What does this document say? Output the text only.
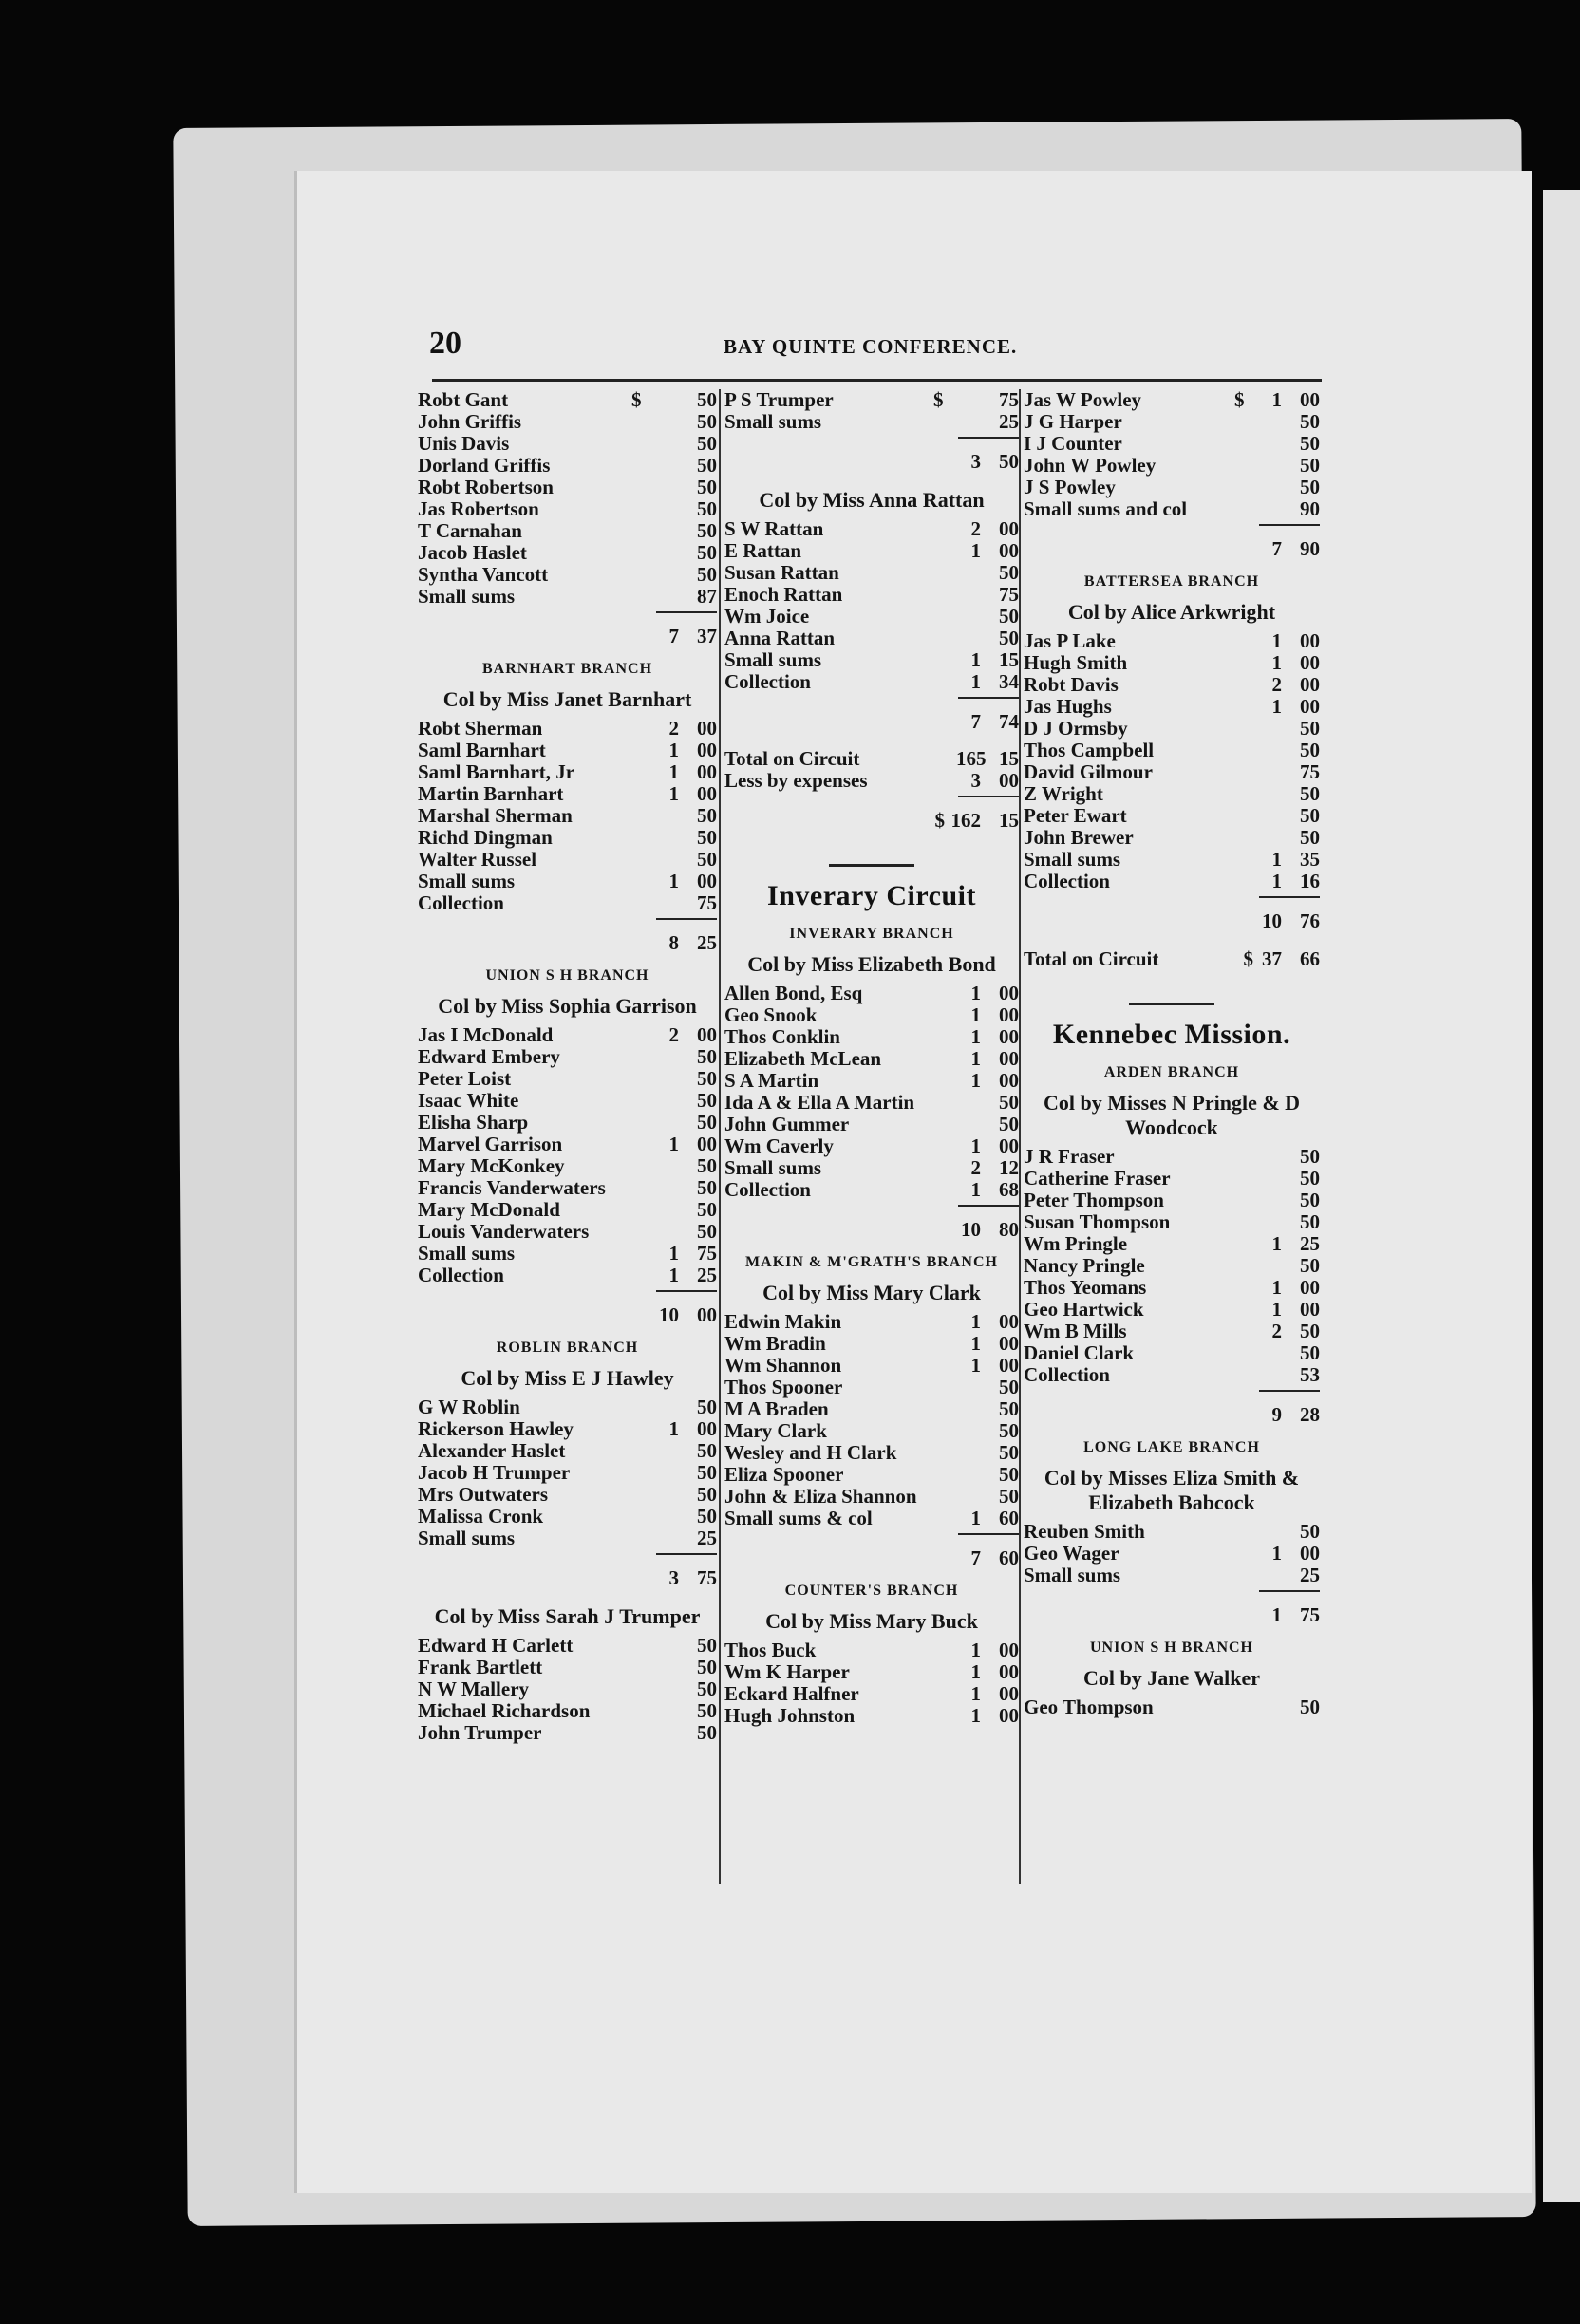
20	BAY QUINTE CONFERENCE.
Robt Gant	$	50
John Griffis	50
Unis Davis	50
Dorland Griffis	50
Robt Robertson	50
Jas Robertson	50
T Carnahan	50
Jacob Haslet	50
Syntha Vancott	50
Small sums	87
7 37
BARNHART BRANCH
Col by Miss Janet Barnhart
Robt Sherman	2 00
Saml Barnhart	1 00
Saml Barnhart, Jr	1 00
Martin Barnhart	1 00
Marshal Sherman	50
Richd Dingman	50
Walter Russel	50
Small sums	1 00
Collection	75
8 25
UNION S H BRANCH
Col by Miss Sophia Garrison
Jas I McDonald	2 00
Edward Embery	50
Peter Loist	50
Isaac White	50
Elisha Sharp	50
Marvel Garrison	1 00
Mary McKonkey	50
Francis Vanderwaters	50
Mary McDonald	50
Louis Vanderwaters	50
Small sums	1 75
Collection	1 25
10 00
ROBLIN BRANCH
Col by Miss E J Hawley
G W Roblin	50
Rickerson Hawley	1 00
Alexander Haslet	50
Jacob H Trumper	50
Mrs Outwaters	50
Malissa Cronk	50
Small sums	25
3 75
Col by Miss Sarah J Trumper
Edward H Carlett	50
Frank Bartlett	50
N W Mallery	50
Michael Richardson	50
John Trumper	50
P S Trumper	$	75
Small sums	25
3 50
Col by Miss Anna Rattan
S W Rattan	2 00
E Rattan	1 00
Susan Rattan	50
Enoch Rattan	75
Wm Joice	50
Anna Rattan	50
Small sums	1 15
Collection	1 34
7 74
Total on Circuit	165 15
Less by expenses	3 00
$ 162 15
Inverary Circuit
INVERARY BRANCH
Col by Miss Elizabeth Bond
Allen Bond, Esq	1 00
Geo Snook	1 00
Thos Conklin	1 00
Elizabeth McLean	1 00
S A Martin	1 00
Ida A & Ella A Martin	50
John Gummer	50
Wm Caverly	1 00
Small sums	2 12
Collection	1 68
10 80
MAKIN & M'GRATH'S BRANCH
Col by Miss Mary Clark
Edwin Makin	1 00
Wm Bradin	1 00
Wm Shannon	1 00
Thos Spooner	50
M A Braden	50
Mary Clark	50
Wesley and H Clark	50
Eliza Spooner	50
John & Eliza Shannon	50
Small sums & col	1 60
7 60
COUNTER'S BRANCH
Col by Miss Mary Buck
Thos Buck	1 00
Wm K Harper	1 00
Eckard Halfner	1 00
Hugh Johnston	1 00
Jas W Powley	$	1 00
J G Harper	50
I J Counter	50
John W Powley	50
J S Powley	50
Small sums and col	90
7 90
BATTERSEA BRANCH
Col by Alice Arkwright
Jas P Lake	1 00
Hugh Smith	1 00
Robt Davis	2 00
Jas Hughs	1 00
D J Ormsby	50
Thos Campbell	50
David Gilmour	75
Z Wright	50
Peter Ewart	50
John Brewer	50
Small sums	1 35
Collection	1 16
10 76
Total on Circuit	$ 37 66
Kennebec Mission.
ARDEN BRANCH
Col by Misses N Pringle & D Woodcock
J R Fraser	50
Catherine Fraser	50
Peter Thompson	50
Susan Thompson	50
Wm Pringle	1 25
Nancy Pringle	50
Thos Yeomans	1 00
Geo Hartwick	1 00
Wm B Mills	2 50
Daniel Clark	50
Collection	53
9 28
LONG LAKE BRANCH
Col by Misses Eliza Smith & Elizabeth Babcock
Reuben Smith	50
Geo Wager	1 00
Small sums	25
1 75
UNION S H BRANCH
Col by Jane Walker
Geo Thompson	50
